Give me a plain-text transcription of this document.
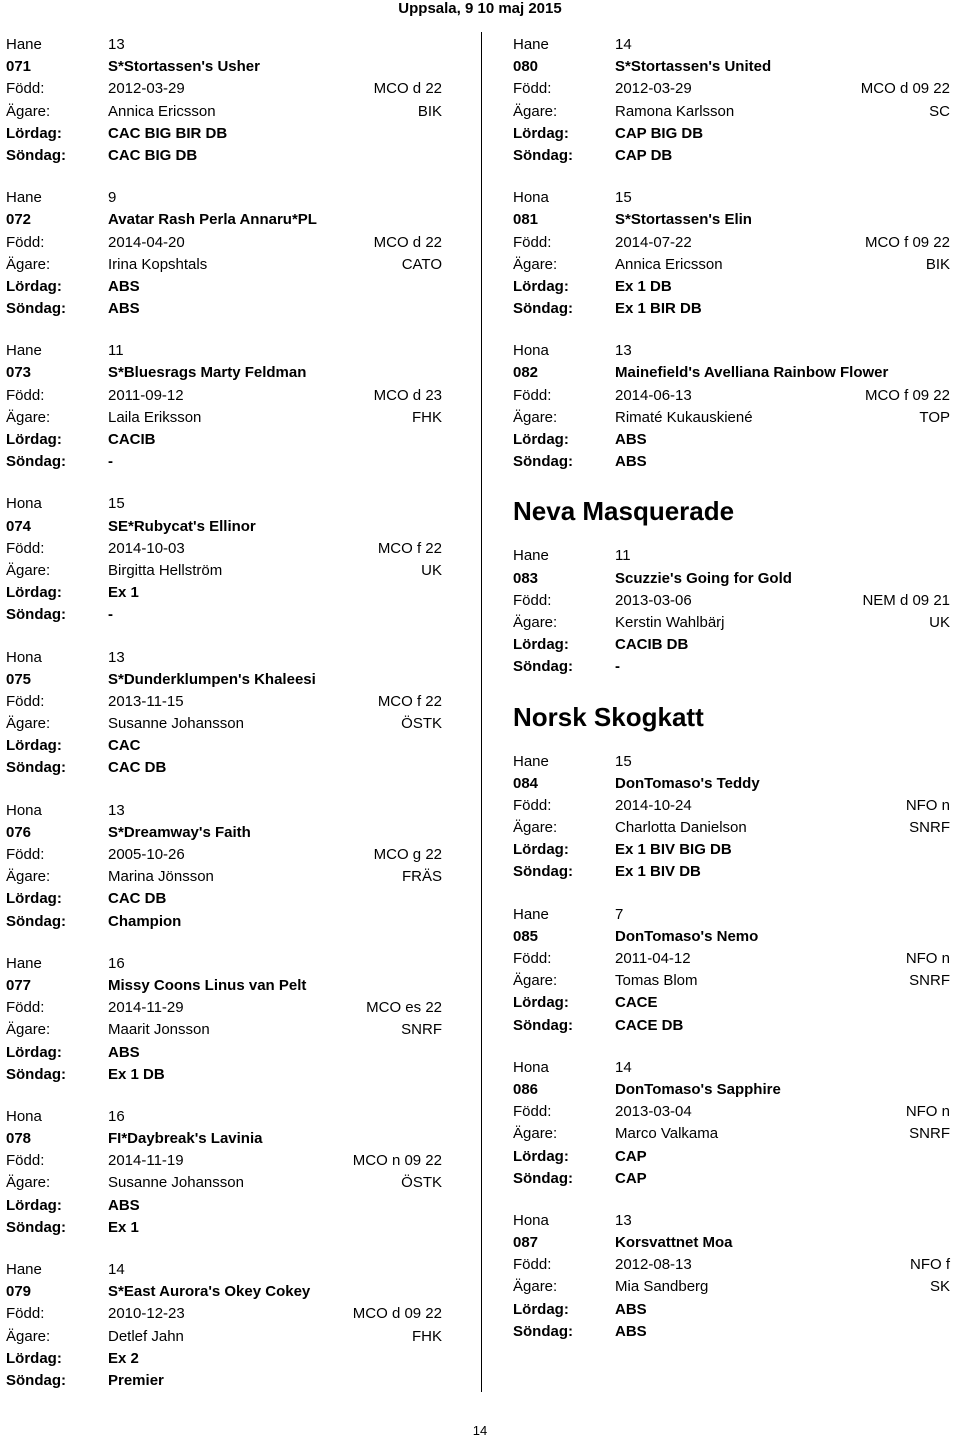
Uppsala, 9 10 maj 2015
Hane	13
071	S*Stortassen's Usher
Född:	2012-03-29	MCO d 22
Ägare:	Annica Ericsson	BIK
Lördag:	CAC BIG BIR DB
Söndag:	CAC BIG DB
Hane	9
072	Avatar Rash Perla Annaru*PL
Född:	2014-04-20	MCO d 22
Ägare:	Irina Kopshtals	CATO
Lördag:	ABS
Söndag:	ABS
Hane	11
073	S*Bluesrags Marty Feldman
Född:	2011-09-12	MCO d 23
Ägare:	Laila Eriksson	FHK
Lördag:	CACIB
Söndag:	-
Hona	15
074	SE*Rubycat's Ellinor
Född:	2014-10-03	MCO f 22
Ägare:	Birgitta Hellström	UK
Lördag:	Ex 1
Söndag:	-
Hona	13
075	S*Dunderklumpen's Khaleesi
Född:	2013-11-15	MCO f 22
Ägare:	Susanne Johansson	ÖSTK
Lördag:	CAC
Söndag:	CAC DB
Hona	13
076	S*Dreamway's Faith
Född:	2005-10-26	MCO g 22
Ägare:	Marina Jönsson	FRÄS
Lördag:	CAC DB
Söndag:	Champion
Hane	16
077	Missy Coons Linus van Pelt
Född:	2014-11-29	MCO es 22
Ägare:	Maarit Jonsson	SNRF
Lördag:	ABS
Söndag:	Ex 1 DB
Hona	16
078	FI*Daybreak's Lavinia
Född:	2014-11-19	MCO n 09 22
Ägare:	Susanne Johansson	ÖSTK
Lördag:	ABS
Söndag:	Ex 1
Hane	14
079	S*East Aurora's Okey Cokey
Född:	2010-12-23	MCO d 09 22
Ägare:	Detlef Jahn	FHK
Lördag:	Ex 2
Söndag:	Premier
Hane	14
080	S*Stortassen's United
Född:	2012-03-29	MCO d 09 22
Ägare:	Ramona Karlsson	SC
Lördag:	CAP BIG DB
Söndag:	CAP DB
Hona	15
081	S*Stortassen's Elin
Född:	2014-07-22	MCO f 09 22
Ägare:	Annica Ericsson	BIK
Lördag:	Ex 1 DB
Söndag:	Ex 1 BIR DB
Hona	13
082	Mainefield's Avelliana Rainbow Flower
Född:	2014-06-13	MCO f 09 22
Ägare:	Rimaté Kukauskiené	TOP
Lördag:	ABS
Söndag:	ABS
Neva Masquerade
Hane	11
083	Scuzzie's Going for Gold
Född:	2013-03-06	NEM d 09 21
Ägare:	Kerstin Wahlbärj	UK
Lördag:	CACIB DB
Söndag:	-
Norsk Skogkatt
Hane	15
084	DonTomaso's Teddy
Född:	2014-10-24	NFO n
Ägare:	Charlotta Danielson	SNRF
Lördag:	Ex 1 BIV BIG DB
Söndag:	Ex 1 BIV DB
Hane	7
085	DonTomaso's Nemo
Född:	2011-04-12	NFO n
Ägare:	Tomas Blom	SNRF
Lördag:	CACE
Söndag:	CACE DB
Hona	14
086	DonTomaso's Sapphire
Född:	2013-03-04	NFO n
Ägare:	Marco Valkama	SNRF
Lördag:	CAP
Söndag:	CAP
Hona	13
087	Korsvattnet Moa
Född:	2012-08-13	NFO f
Ägare:	Mia Sandberg	SK
Lördag:	ABS
Söndag:	ABS
14
